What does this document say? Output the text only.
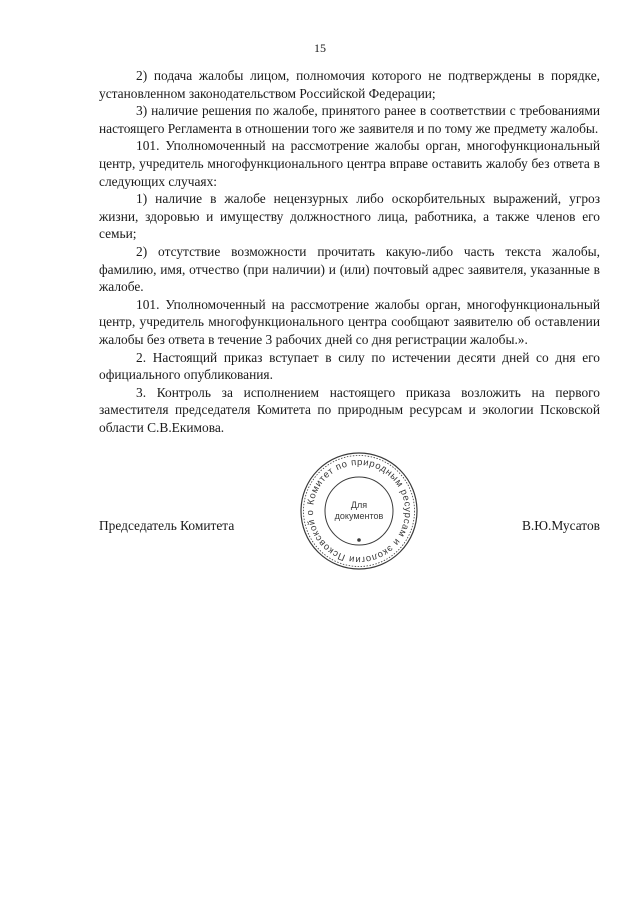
15

2) подача жалобы лицом, полномочия которого не подтверждены в порядке, установленном законодательством Российской Федерации;

3) наличие решения по жалобе, принятого ранее в соответствии с требованиями настоящего Регламента в отношении того же заявителя и по тому же предмету жалобы.

101. Уполномоченный на рассмотрение жалобы орган, многофункциональный центр, учредитель многофункционального центра вправе оставить жалобу без ответа в следующих случаях:

1) наличие в жалобе нецензурных либо оскорбительных выражений, угроз жизни, здоровью и имуществу должностного лица, работника, а также членов его семьи;

2) отсутствие возможности прочитать какую-либо часть текста жалобы, фамилию, имя, отчество (при наличии) и (или) почтовый адрес заявителя, указанные в жалобе.

101. Уполномоченный на рассмотрение жалобы орган, многофункциональный центр, учредитель многофункционального центра сообщают заявителю об оставлении жалобы без ответа в течение 3 рабочих дней со дня регистрации жалобы.».

2. Настоящий приказ вступает в силу по истечении десяти дней со дня его официального опубликования.

3. Контроль за исполнением настоящего приказа возложить на первого заместителя председателя Комитета по природным ресурсам и экологии Псковской области С.В.Екимова.

Комитет по природным ресурсам и экологии Псковской о
Для
документов
Председатель Комитета	В.Ю.Мусатов
